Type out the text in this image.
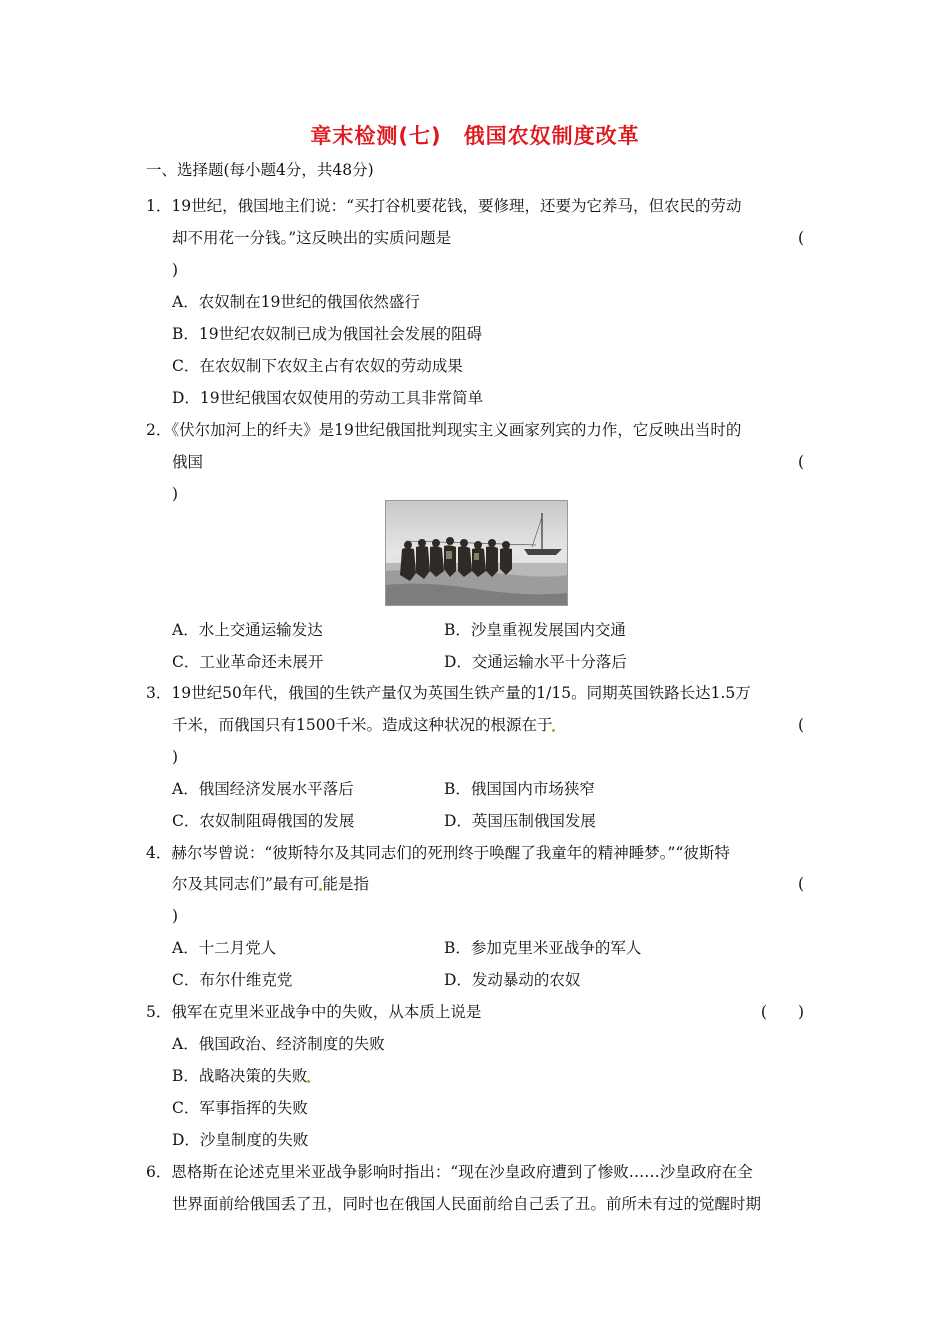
章末检测(七)　俄国农奴制度改革
一、选择题(每小题4分，共48分)
1．19世纪，俄国地主们说：“买打谷机要花钱，要修理，还要为它养马，但农民的劳动
却不用花一分钱。”这反映出的实质问题是	(
)
A．农奴制在19世纪的俄国依然盛行
B．19世纪农奴制已成为俄国社会发展的阻碍
C．在农奴制下农奴主占有农奴的劳动成果
D．19世纪俄国农奴使用的劳动工具非常简单
2．《伏尔加河上的纤夫》是19世纪俄国批判现实主义画家列宾的力作，它反映出当时的
俄国	(
)
A．水上交通运输发达	B．沙皇重视发展国内交通
C．工业革命还未展开	D．交通运输水平十分落后
3．19世纪50年代，俄国的生铁产量仅为英国生铁产量的1/15。同期英国铁路长达1.5万
千米，而俄国只有1500千米。造成这种状况的根源在于	(
)
A．俄国经济发展水平落后	B．俄国国内市场狭窄
C．农奴制阻碍俄国的发展	D．英国压制俄国发展
4．赫尔岑曾说：“彼斯特尔及其同志们的死刑终于唤醒了我童年的精神睡梦。”“彼斯特
尔及其同志们”最有可 能是指	(
)
A．十二月党人	B．参加克里米亚战争的军人
C．布尔什维克党	D．发动暴动的农奴
5．俄军在克里米亚战争中的失败，从本质上说是	(　　)
A．俄国政治、经济制度的失败
B．战略决策的失败
C．军事指挥的失败
D．沙皇制度的失败
6．恩格斯在论述克里米亚战争影响时指出：“现在沙皇政府遭到了惨败……沙皇政府在全
世界面前给俄国丢了丑，同时也在俄国人民面前给自己丢了丑。前所未有过的觉醒时期
